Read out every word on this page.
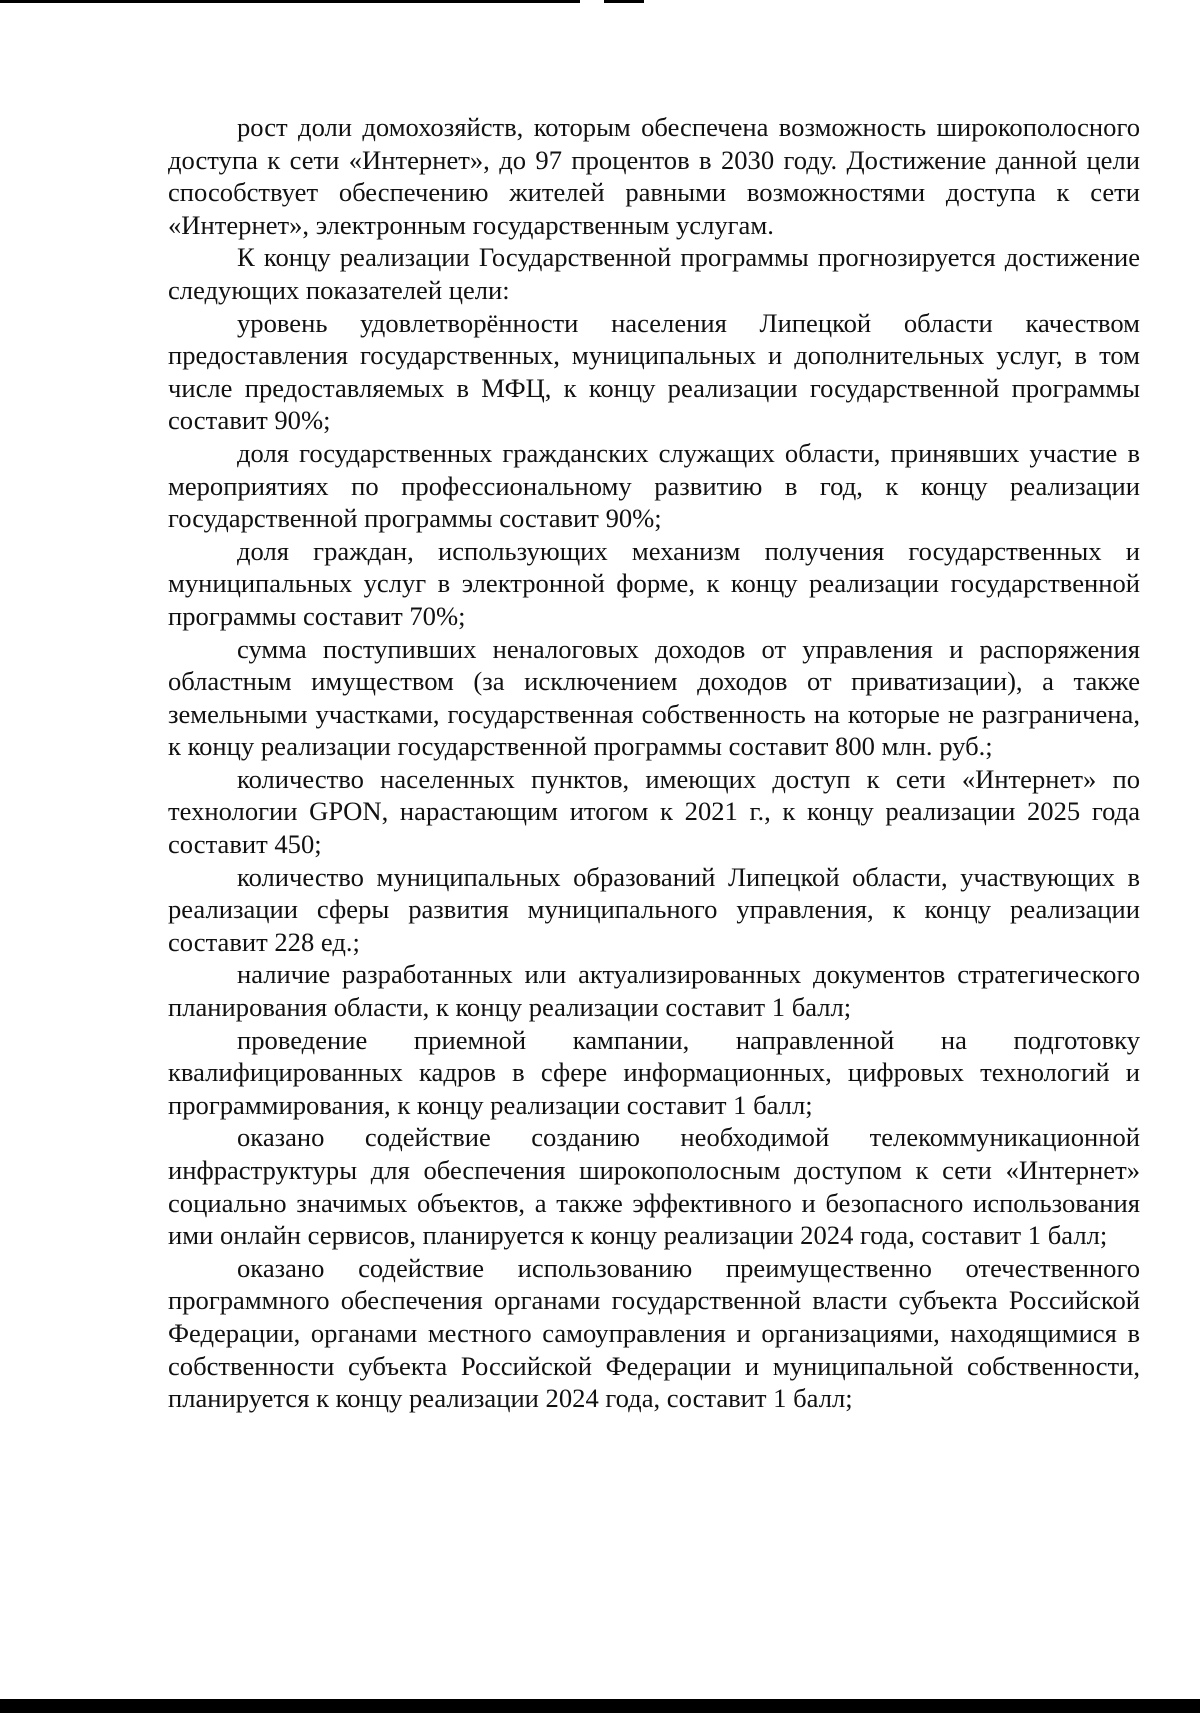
рост доли домохозяйств, которым обеспечена возможность широкополосного доступа к сети «Интернет», до 97 процентов в 2030 году. Достижение данной цели способствует обеспечению жителей равными возможностями доступа к сети «Интернет», электронным государственным услугам.

К концу реализации Государственной программы прогнозируется достижение следующих показателей цели:

уровень удовлетворённости населения Липецкой области качеством предоставления государственных, муниципальных и дополнительных услуг, в том числе предоставляемых в МФЦ, к концу реализации государственной программы составит 90%;

доля государственных гражданских служащих области, принявших участие в мероприятиях по профессиональному развитию в год, к концу реализации государственной программы составит 90%;

доля граждан, использующих механизм получения государственных и муниципальных услуг в электронной форме, к концу реализации государственной программы составит 70%;

сумма поступивших неналоговых доходов от управления и распоряжения областным имуществом (за исключением доходов от приватизации), а также земельными участками, государственная собственность на которые не разграничена, к концу реализации государственной программы составит 800 млн. руб.;

количество населенных пунктов, имеющих доступ к сети «Интернет» по технологии GPON, нарастающим итогом к 2021 г., к концу реализации 2025 года составит 450;

количество муниципальных образований Липецкой области, участвующих в реализации сферы развития муниципального управления, к концу реализации составит 228 ед.;

наличие разработанных или актуализированных документов стратегического планирования области, к концу реализации составит 1 балл;

проведение приемной кампании, направленной на подготовку квалифицированных кадров в сфере информационных, цифровых технологий и программирования, к концу реализации составит 1 балл;

оказано содействие созданию необходимой телекоммуникационной инфраструктуры для обеспечения широкополосным доступом к сети «Интернет» социально значимых объектов, а также эффективного и безопасного использования ими онлайн сервисов, планируется к концу реализации 2024 года, составит 1 балл;

оказано содействие использованию преимущественно отечественного программного обеспечения органами государственной власти субъекта Российской Федерации, органами местного самоуправления и организациями, находящимися в собственности субъекта Российской Федерации и муниципальной собственности, планируется к концу реализации 2024 года, составит 1 балл;
